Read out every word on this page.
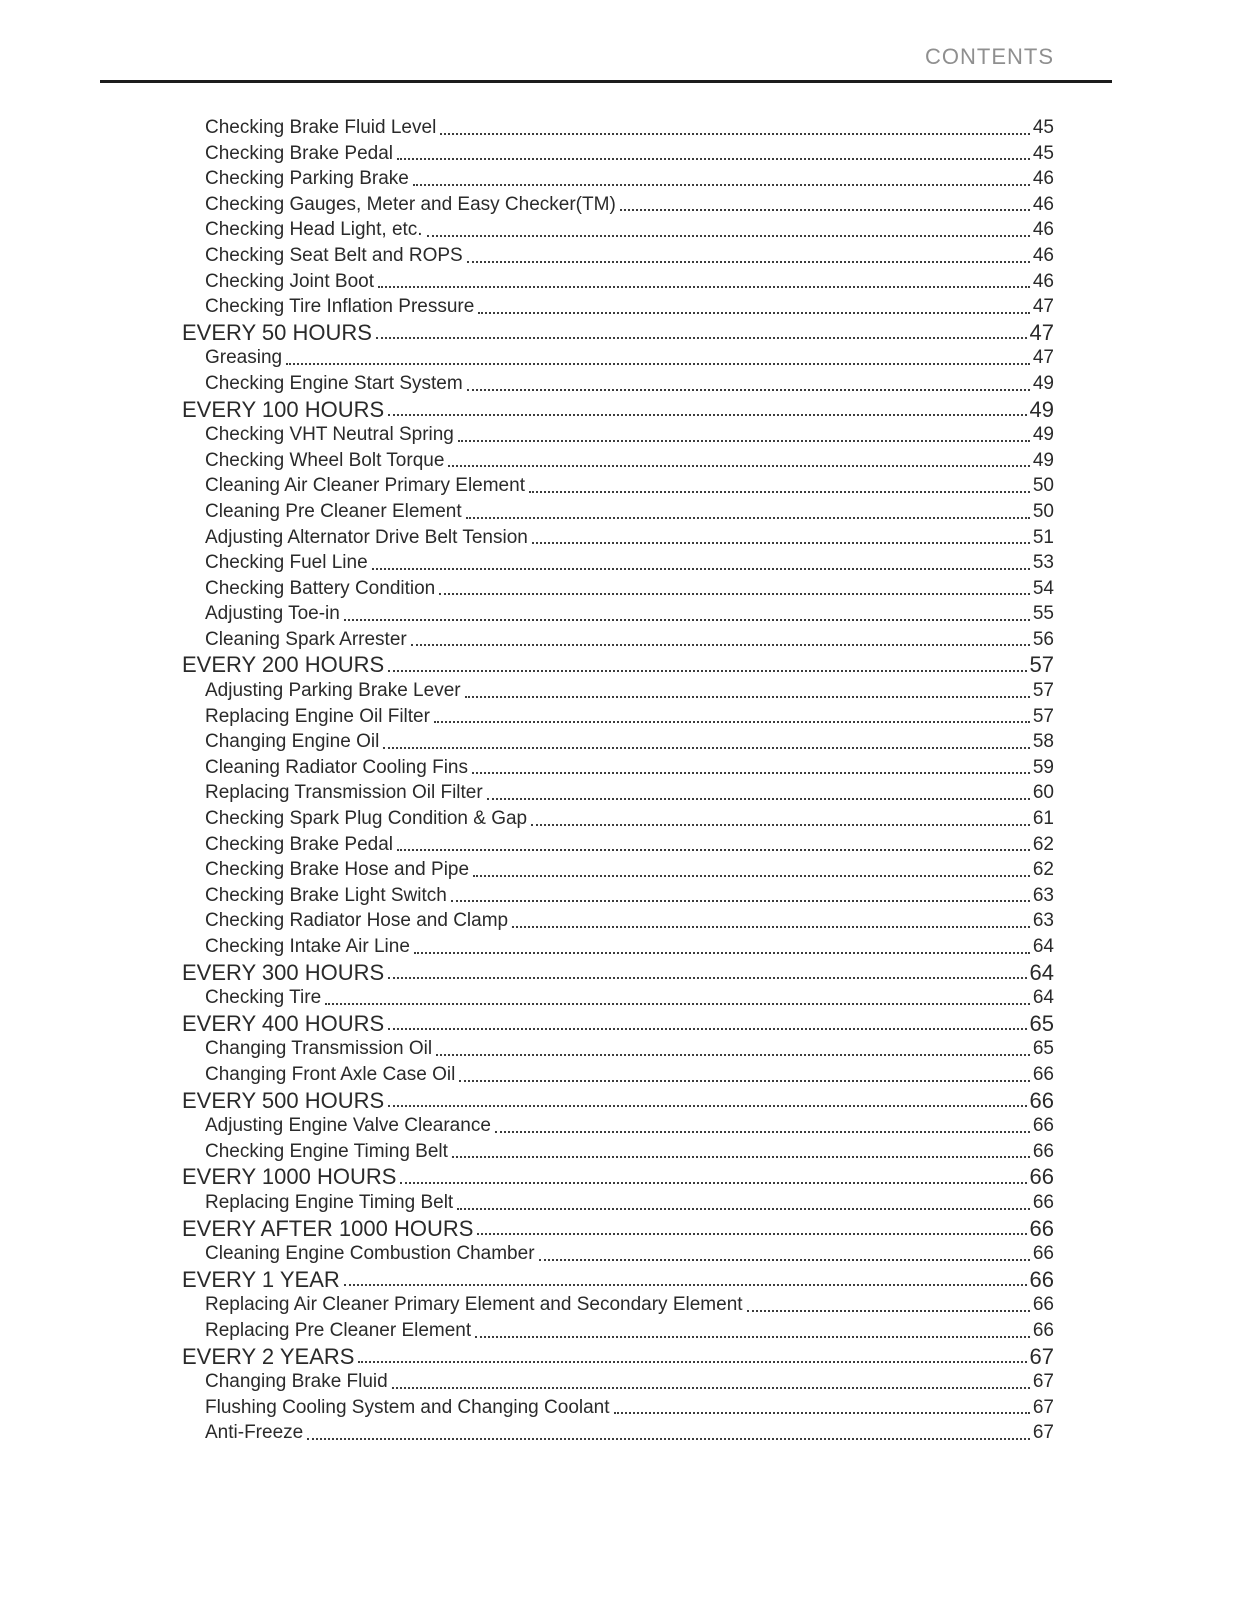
CONTENTS
Checking Brake Fluid Level	45
Checking Brake Pedal	45
Checking Parking Brake	46
Checking Gauges, Meter and Easy Checker(TM)	46
Checking Head Light, etc.	46
Checking Seat Belt and ROPS	46
Checking Joint Boot	46
Checking Tire Inflation Pressure	47
EVERY 50 HOURS	47
Greasing	47
Checking Engine Start System	49
EVERY 100 HOURS	49
Checking VHT Neutral Spring	49
Checking Wheel Bolt Torque	49
Cleaning Air Cleaner Primary Element	50
Cleaning Pre Cleaner Element	50
Adjusting Alternator Drive Belt Tension	51
Checking Fuel Line	53
Checking Battery Condition	54
Adjusting Toe-in	55
Cleaning Spark Arrester	56
EVERY 200 HOURS	57
Adjusting Parking Brake Lever	57
Replacing Engine Oil Filter	57
Changing Engine Oil	58
Cleaning Radiator Cooling Fins	59
Replacing Transmission Oil Filter	60
Checking Spark Plug Condition & Gap	61
Checking Brake Pedal	62
Checking Brake Hose and Pipe	62
Checking Brake Light Switch	63
Checking Radiator Hose and Clamp	63
Checking Intake Air Line	64
EVERY 300 HOURS	64
Checking Tire	64
EVERY 400 HOURS	65
Changing Transmission Oil	65
Changing Front Axle Case Oil	66
EVERY 500 HOURS	66
Adjusting Engine Valve Clearance	66
Checking Engine Timing Belt	66
EVERY 1000 HOURS	66
Replacing Engine Timing Belt	66
EVERY AFTER 1000 HOURS	66
Cleaning Engine Combustion Chamber	66
EVERY 1 YEAR	66
Replacing Air Cleaner Primary Element and Secondary Element	66
Replacing Pre Cleaner Element	66
EVERY 2 YEARS	67
Changing Brake Fluid	67
Flushing Cooling System and Changing Coolant	67
Anti-Freeze	67
